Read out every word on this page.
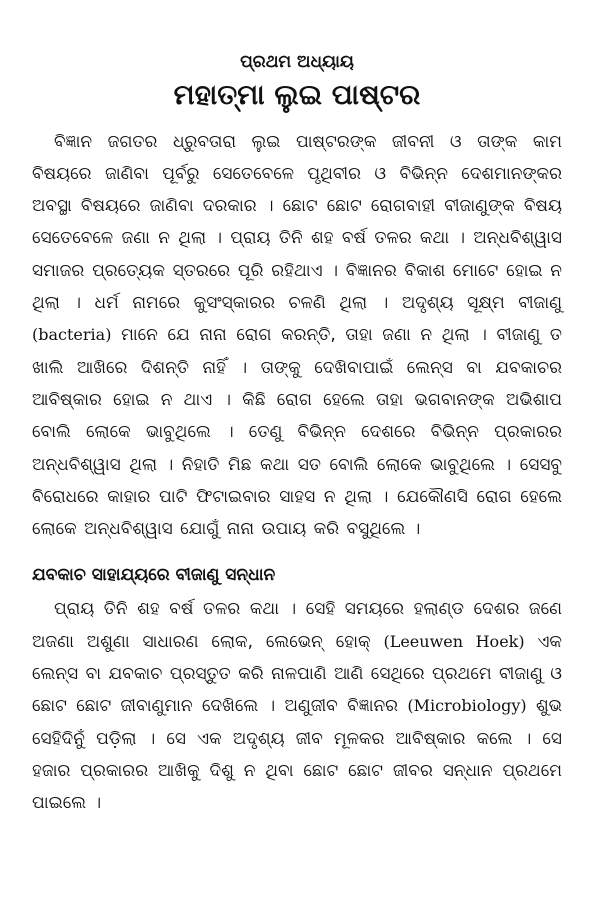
ପ୍ରଥମ ଅଧ୍ୟାୟ
ମହାତ୍ମା ଲୁଇ ପାଷ୍ଟର

ବିଜ୍ଞାନ ଜଗତର ଧ୍ରୁବତାରା ଲୁଇ ପାଷ୍ଟରଙ୍କ ଜୀବନୀ ଓ ତାଙ୍କ କାମ ବିଷୟରେ ଜାଣିବା ପୂର୍ବରୁ ସେତେବେଳେ ପୃଥିବୀର ଓ ବିଭିନ୍ନ ଦେଶମାନଙ୍କର ଅବସ୍ଥା ବିଷୟରେ ଜାଣିବା ଦରକାର । ଛୋଟ ଛୋଟ ରୋଗବାହୀ ବୀଜାଣୁଙ୍କ ବିଷୟ ସେତେବେଳେ ଜଣା ନ ଥିଲା । ପ୍ରାୟ ତିନି ଶହ ବର୍ଷ ତଳର କଥା । ଅନ୍ଧବିଶ୍ୱାସ ସମାଜର ପ୍ରତ୍ୟେକ ସ୍ତରରେ ପୂରି ରହିଥାଏ । ବିଜ୍ଞାନର ବିକାଶ ମୋଟେ ହୋଇ ନ ଥିଲା । ଧର୍ମ ନାମରେ କୁସଂସ୍କାରର ଚଳଣି ଥିଲା । ଅଦୃଶ୍ୟ ସୂକ୍ଷ୍ମ ବୀଜାଣୁ (bacteria) ମାନେ ଯେ ନାନା ରୋଗ କରନ୍ତି, ତାହା ଜଣା ନ ଥିଲା । ବୀଜାଣୁ ତ ଖାଲି ଆଖିରେ ଦିଶନ୍ତି ନାହିଁ । ତାଙ୍କୁ ଦେଖିବାପାଇଁ ଲେନ୍ସ ବା ଯବକାଚର ଆବିଷ୍କାର ହୋଇ ନ ଥାଏ । କିଛି ରୋଗ ହେଲେ ତାହା ଭଗବାନଙ୍କ ଅଭିଶାପ ବୋଲି ଲୋକେ ଭାବୁଥିଲେ । ତେଣୁ ବିଭିନ୍ନ ଦେଶରେ ବିଭିନ୍ନ ପ୍ରକାରର ଅନ୍ଧବିଶ୍ୱାସ ଥିଲା । ନିହାତି ମିଛ କଥା ସତ ବୋଲି ଲୋକେ ଭାବୁଥିଲେ । ସେସବୁ ବିରୋଧରେ କାହାର ପାଟି ଫିଟାଇବାର ସାହସ ନ ଥିଲା । ଯେକୌଣସି ରୋଗ ହେଲେ ଲୋକେ ଅନ୍ଧବିଶ୍ୱାସ ଯୋଗୁଁ ନାନା ଉପାୟ କରି ବସୁଥିଲେ ।

ଯବକାଚ ସାହାଯ୍ୟରେ ବୀଜାଣୁ ସନ୍ଧାନ

ପ୍ରାୟ ତିନି ଶହ ବର୍ଷ ତଳର କଥା । ସେହି ସମୟରେ ହଲାଣ୍ଡ ଦେଶର ଜଣେ ଅଜଣା ଅଶୁଣା ସାଧାରଣ ଲୋକ, ଲେଭେନ୍ ହୋକ୍ (Leeuwen Hoek) ଏକ ଲେନ୍ସ ବା ଯବକାଚ ପ୍ରସ୍ତୁତ କରି ନାଳପାଣି ଆଣି ସେଥିରେ ପ୍ରଥମେ ବୀଜାଣୁ ଓ ଛୋଟ ଛୋଟ ଜୀବାଣୁମାନ ଦେଖିଲେ । ଅଣୁଜୀବ ବିଜ୍ଞାନର (Microbiology) ଶୁଭ ସେହିଦିନୁଁ ପଡ଼ିଲା । ସେ ଏକ ଅଦୃଶ୍ୟ ଜୀବ ମୂଳକର ଆବିଷ୍କାର କଲେ । ସେ ହଜାର ପ୍ରକାରର ଆଖିକୁ ଦିଶୁ ନ ଥିବା ଛୋଟ ଛୋଟ ଜୀବର ସନ୍ଧାନ ପ୍ରଥମେ ପାଇଲେ ।
